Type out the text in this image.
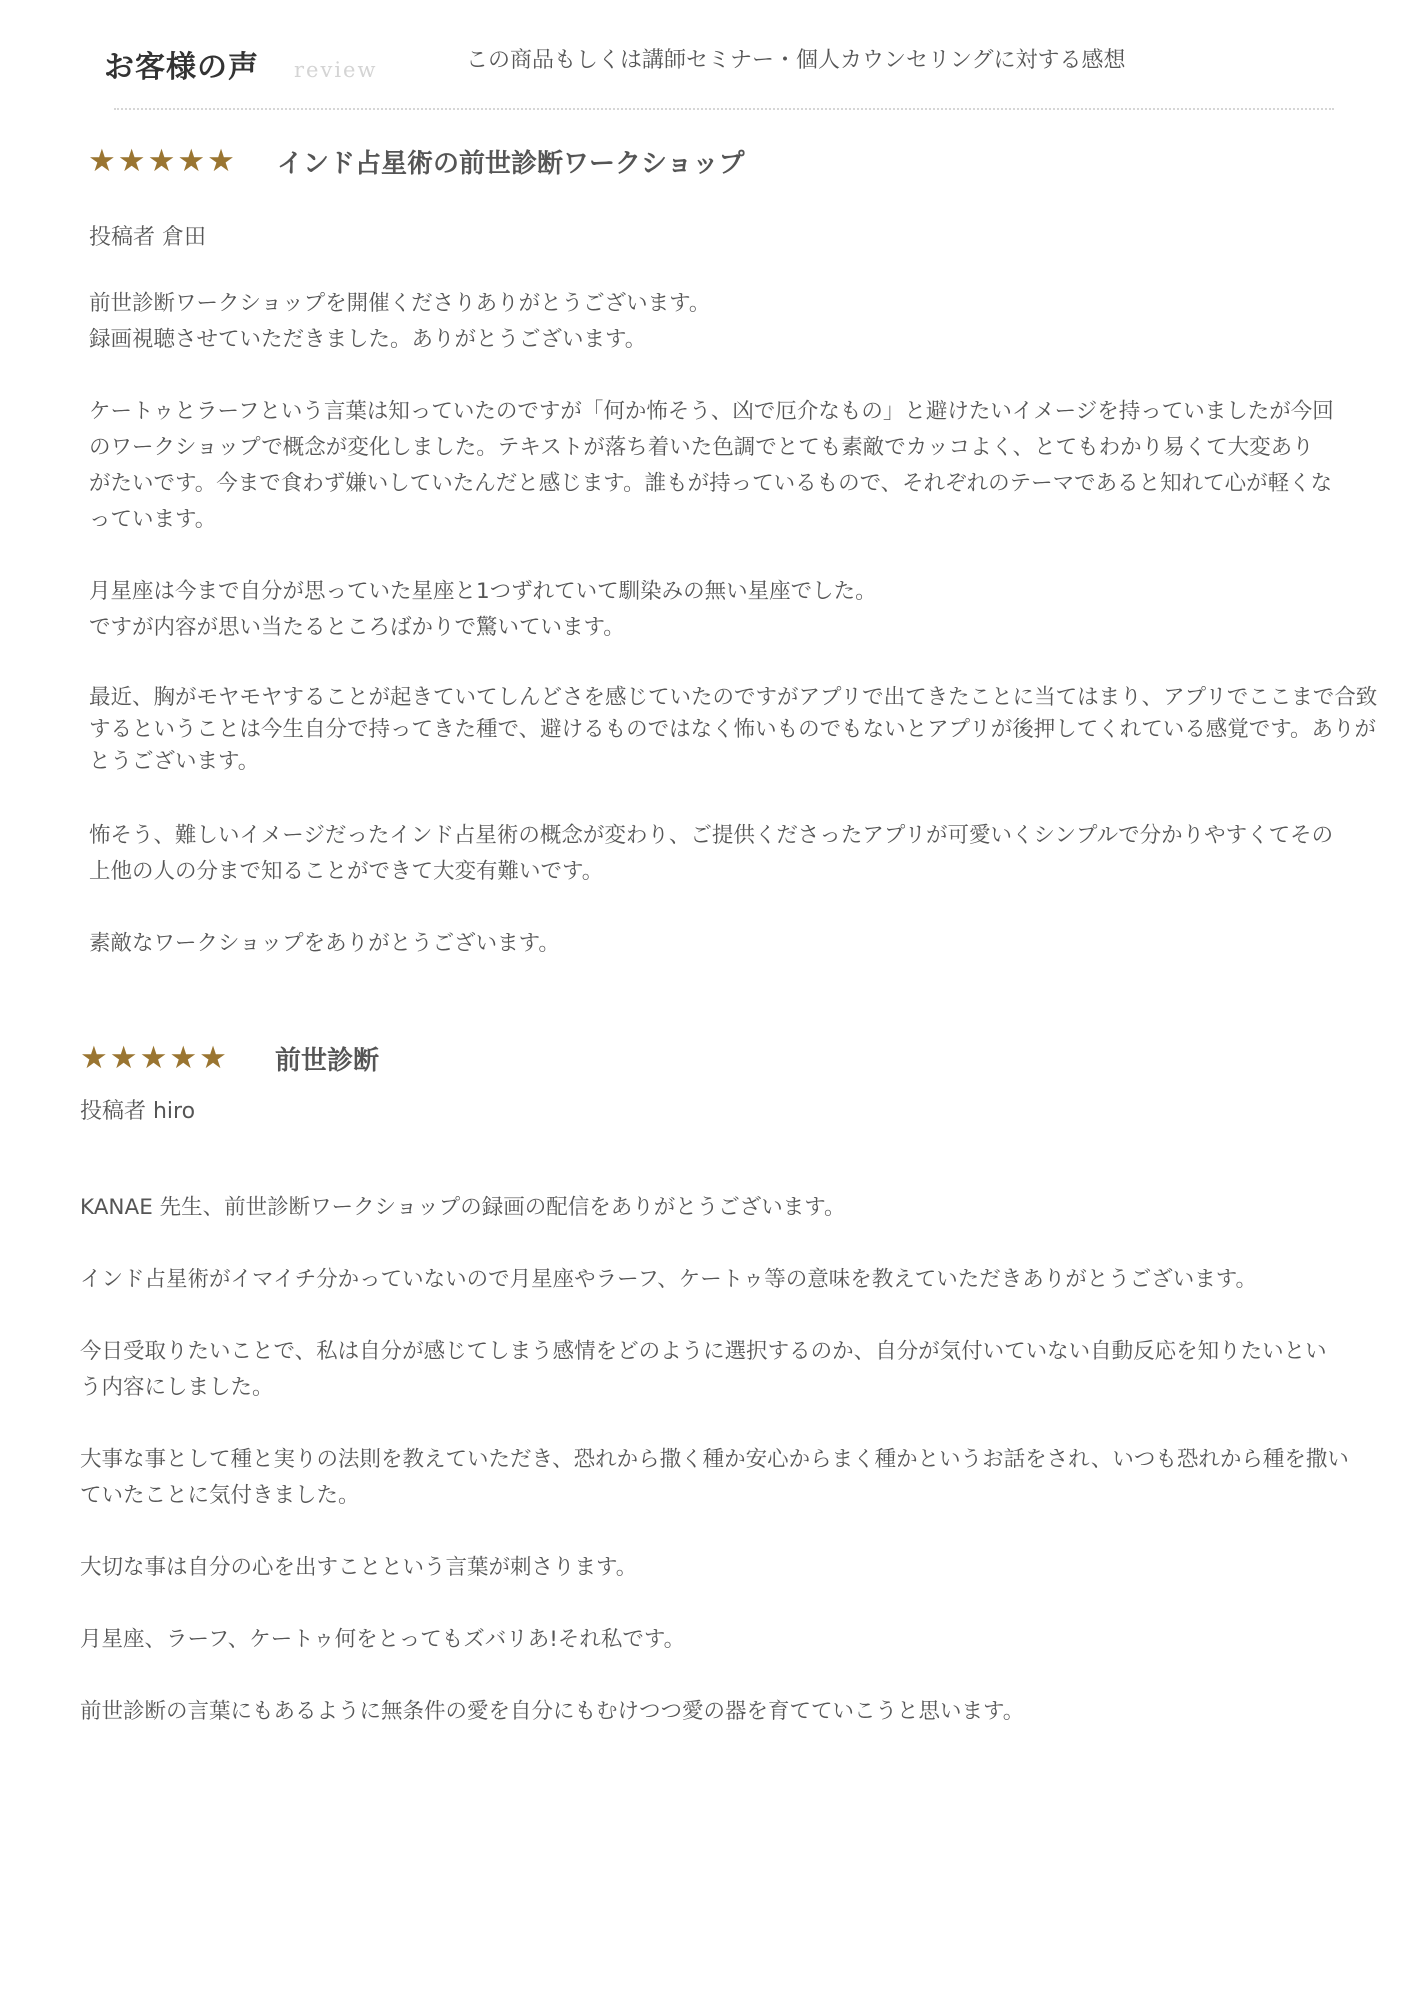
お客様の声 review	この商品もしくは講師セミナー・個人カウンセリングに対する感想
★★★★★ インド占星術の前世診断ワークショップ
投稿者 倉田

前世診断ワークショップを開催くださりありがとうございます。
録画視聴させていただきました。ありがとうございます。

ケートゥとラーフという言葉は知っていたのですが「何か怖そう、凶で厄介なもの」と避けたいイメージを持っていましたが今回のワークショップで概念が変化しました。テキストが落ち着いた色調でとても素敵でカッコよく、とてもわかり易くて大変ありがたいです。今まで食わず嫌いしていたんだと感じます。誰もが持っているもので、それぞれのテーマであると知れて心が軽くなっています。

月星座は今まで自分が思っていた星座と1つずれていて馴染みの無い星座でした。
ですが内容が思い当たるところばかりで驚いています。

最近、胸がモヤモヤすることが起きていてしんどさを感じていたのですがアプリで出てきたことに当てはまり、アプリでここまで合致するということは今生自分で持ってきた種で、避けるものではなく怖いものでもないとアプリが後押してくれている感覚です。ありがとうございます。

怖そう、難しいイメージだったインド占星術の概念が変わり、ご提供くださったアプリが可愛いくシンプルで分かりやすくてその上他の人の分まで知ることができて大変有難いです。

素敵なワークショップをありがとうございます。

★★★★★ 前世診断
投稿者 hiro

KANAE 先生、前世診断ワークショップの録画の配信をありがとうございます。

インド占星術がイマイチ分かっていないので月星座やラーフ、ケートゥ等の意味を教えていただきありがとうございます。

今日受取りたいことで、私は自分が感じてしまう感情をどのように選択するのか、自分が気付いていない自動反応を知りたいという内容にしました。

大事な事として種と実りの法則を教えていただき、恐れから撒く種か安心からまく種かというお話をされ、いつも恐れから種を撒いていたことに気付きました。

大切な事は自分の心を出すことという言葉が刺さります。

月星座、ラーフ、ケートゥ何をとってもズバリあ!それ私です。

前世診断の言葉にもあるように無条件の愛を自分にもむけつつ愛の器を育てていこうと思います。
